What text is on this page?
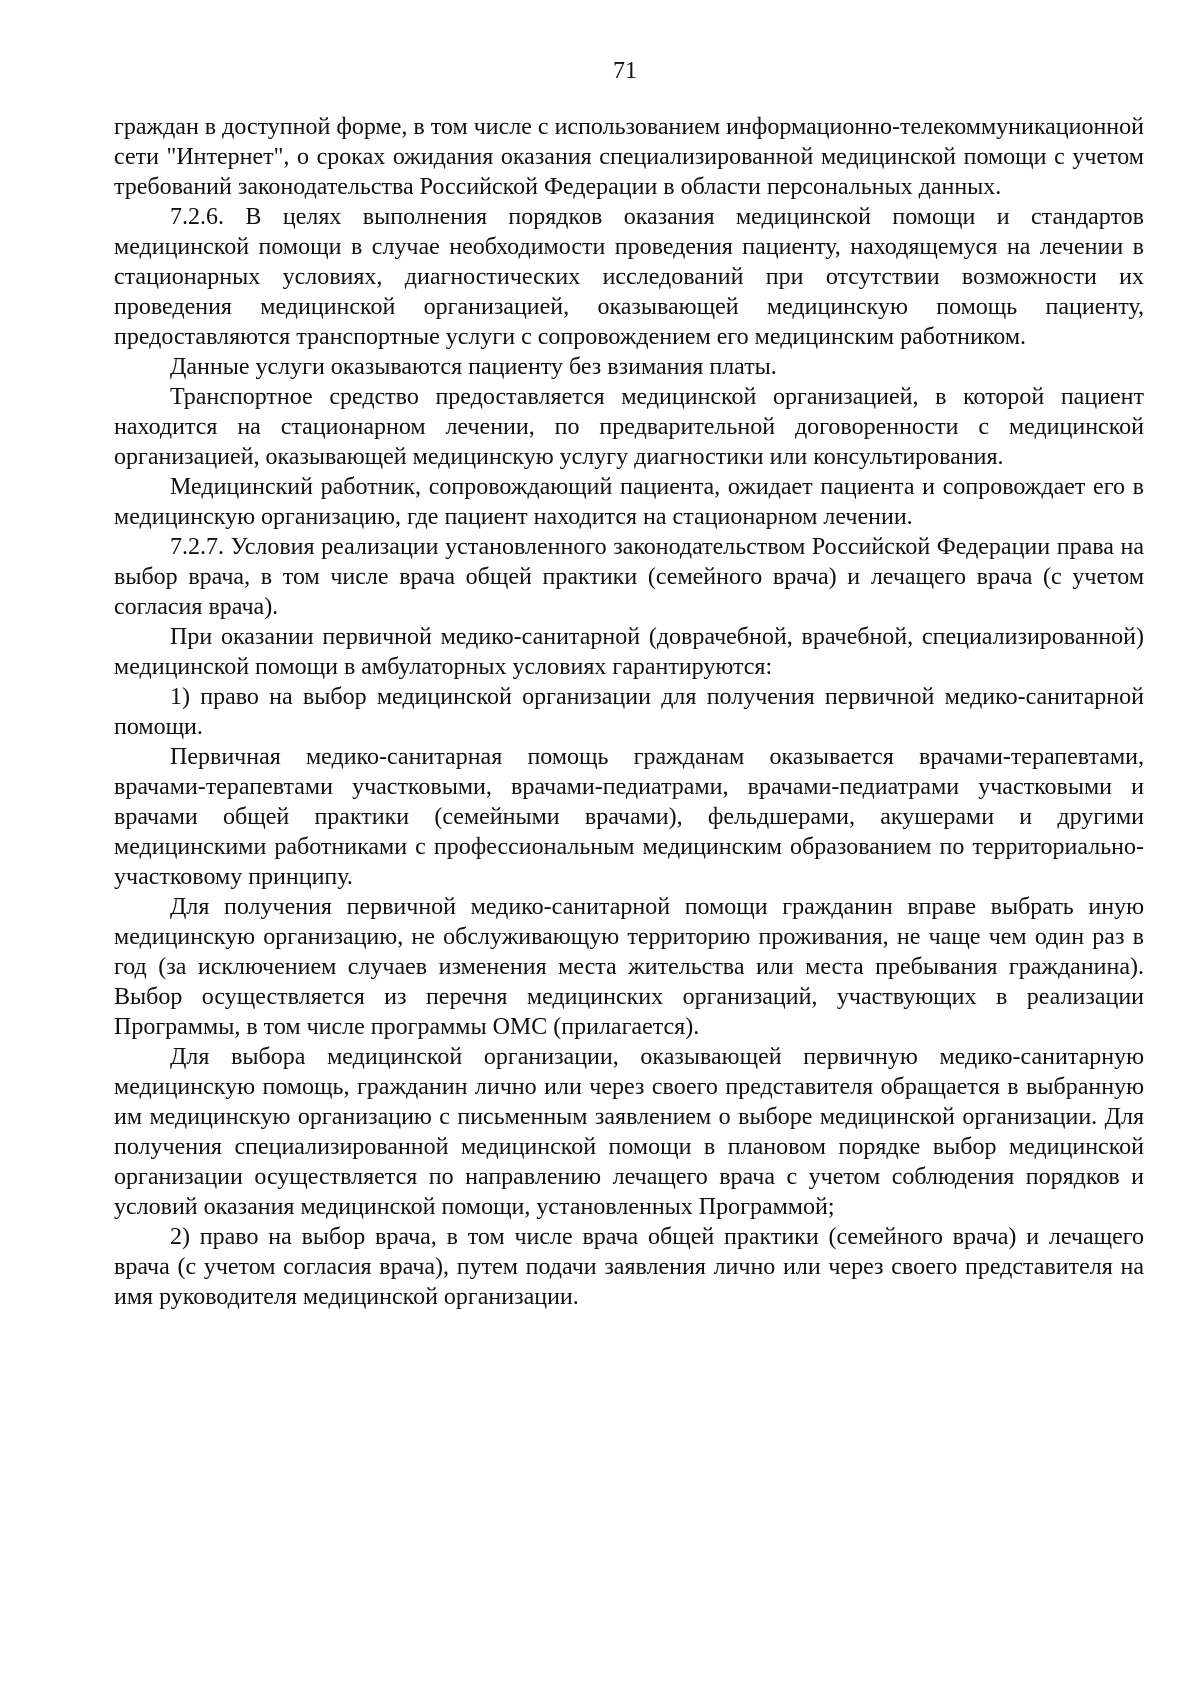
71

граждан в доступной форме, в том числе с использованием информационно-телекоммуникационной сети "Интернет", о сроках ожидания оказания специализированной медицинской помощи с учетом требований законодательства Российской Федерации в области персональных данных.

7.2.6. В целях выполнения порядков оказания медицинской помощи и стандартов медицинской помощи в случае необходимости проведения пациенту, находящемуся на лечении в стационарных условиях, диагностических исследований при отсутствии возможности их проведения медицинской организацией, оказывающей медицинскую помощь пациенту, предоставляются транспортные услуги с сопровождением его медицинским работником.

Данные услуги оказываются пациенту без взимания платы.

Транспортное средство предоставляется медицинской организацией, в которой пациент находится на стационарном лечении, по предварительной договоренности с медицинской организацией, оказывающей медицинскую услугу диагностики или консультирования.

Медицинский работник, сопровождающий пациента, ожидает пациента и сопровождает его в медицинскую организацию, где пациент находится на стационарном лечении.

7.2.7. Условия реализации установленного законодательством Российской Федерации права на выбор врача, в том числе врача общей практики (семейного врача) и лечащего врача (с учетом согласия врача).

При оказании первичной медико-санитарной (доврачебной, врачебной, специализированной) медицинской помощи в амбулаторных условиях гарантируются:

1) право на выбор медицинской организации для получения первичной медико-санитарной помощи.

Первичная медико-санитарная помощь гражданам оказывается врачами-терапевтами, врачами-терапевтами участковыми, врачами-педиатрами, врачами-педиатрами участковыми и врачами общей практики (семейными врачами), фельдшерами, акушерами и другими медицинскими работниками с профессиональным медицинским образованием по территориально-участковому принципу.

Для получения первичной медико-санитарной помощи гражданин вправе выбрать иную медицинскую организацию, не обслуживающую территорию проживания, не чаще чем один раз в год (за исключением случаев изменения места жительства или места пребывания гражданина). Выбор осуществляется из перечня медицинских организаций, участвующих в реализации Программы, в том числе программы ОМС (прилагается).

Для выбора медицинской организации, оказывающей первичную медико-санитарную медицинскую помощь, гражданин лично или через своего представителя обращается в выбранную им медицинскую организацию с письменным заявлением о выборе медицинской организации. Для получения специализированной медицинской помощи в плановом порядке выбор медицинской организации осуществляется по направлению лечащего врача с учетом соблюдения порядков и условий оказания медицинской помощи, установленных Программой;

2) право на выбор врача, в том числе врача общей практики (семейного врача) и лечащего врача (с учетом согласия врача), путем подачи заявления лично или через своего представителя на имя руководителя медицинской организации.
